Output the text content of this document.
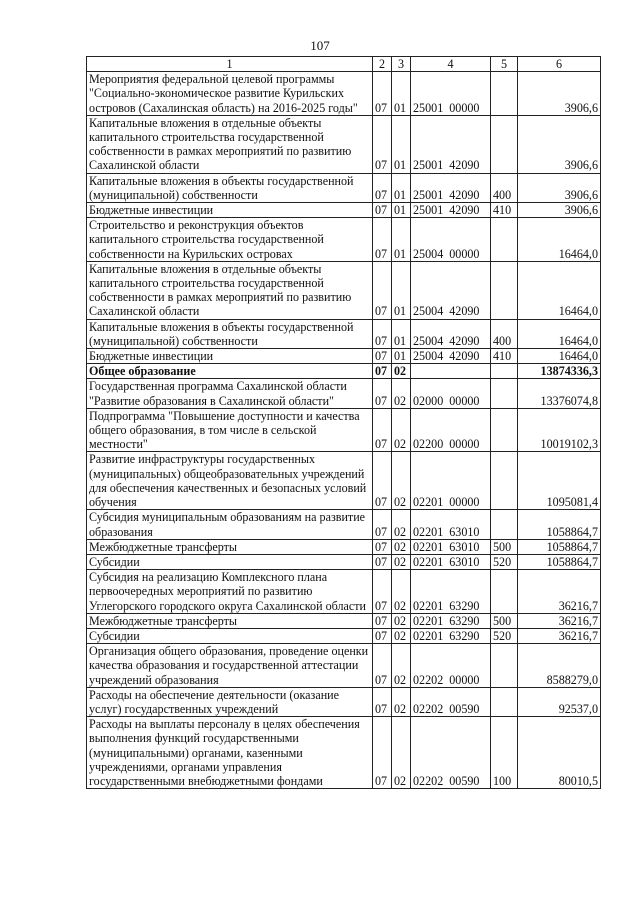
107
1	2	3	4	5	6
Мероприятия федеральной целевой программы "Социально-экономическое развитие Курильских островов (Сахалинская область) на 2016-2025 годы"	07	01	25001 00000		3906,6
Капитальные вложения в отдельные объекты капитального строительства государственной собственности в рамках мероприятий по развитию Сахалинской области	07	01	25001 42090		3906,6
Капитальные вложения в объекты государственной (муниципальной) собственности	07	01	25001 42090	400	3906,6
Бюджетные инвестиции	07	01	25001 42090	410	3906,6
Строительство и реконструкция объектов капитального строительства государственной собственности на Курильских островах	07	01	25004 00000		16464,0
Капитальные вложения в отдельные объекты капитального строительства государственной собственности в рамках мероприятий по развитию Сахалинской области	07	01	25004 42090		16464,0
Капитальные вложения в объекты государственной (муниципальной) собственности	07	01	25004 42090	400	16464,0
Бюджетные инвестиции	07	01	25004 42090	410	16464,0
Общее образование	07	02			13874336,3
Государственная программа Сахалинской области "Развитие образования в Сахалинской области"	07	02	02000 00000		13376074,8
Подпрограмма "Повышение доступности и качества общего образования, в том числе в сельской местности"	07	02	02200 00000		10019102,3
Развитие инфраструктуры государственных (муниципальных) общеобразовательных учреждений для обеспечения качественных и безопасных условий обучения	07	02	02201 00000		1095081,4
Субсидия муниципальным образованиям на развитие образования	07	02	02201 63010		1058864,7
Межбюджетные трансферты	07	02	02201 63010	500	1058864,7
Субсидии	07	02	02201 63010	520	1058864,7
Субсидия на реализацию Комплексного плана первоочередных мероприятий по развитию Углегорского городского округа Сахалинской области	07	02	02201 63290		36216,7
Межбюджетные трансферты	07	02	02201 63290	500	36216,7
Субсидии	07	02	02201 63290	520	36216,7
Организация общего образования, проведение оценки качества образования и государственной аттестации учреждений образования	07	02	02202 00000		8588279,0
Расходы на обеспечение деятельности (оказание услуг) государственных учреждений	07	02	02202 00590		92537,0
Расходы на выплаты персоналу в целях обеспечения выполнения функций государственными (муниципальными) органами, казенными учреждениями, органами управления государственными внебюджетными фондами	07	02	02202 00590	100	80010,5
